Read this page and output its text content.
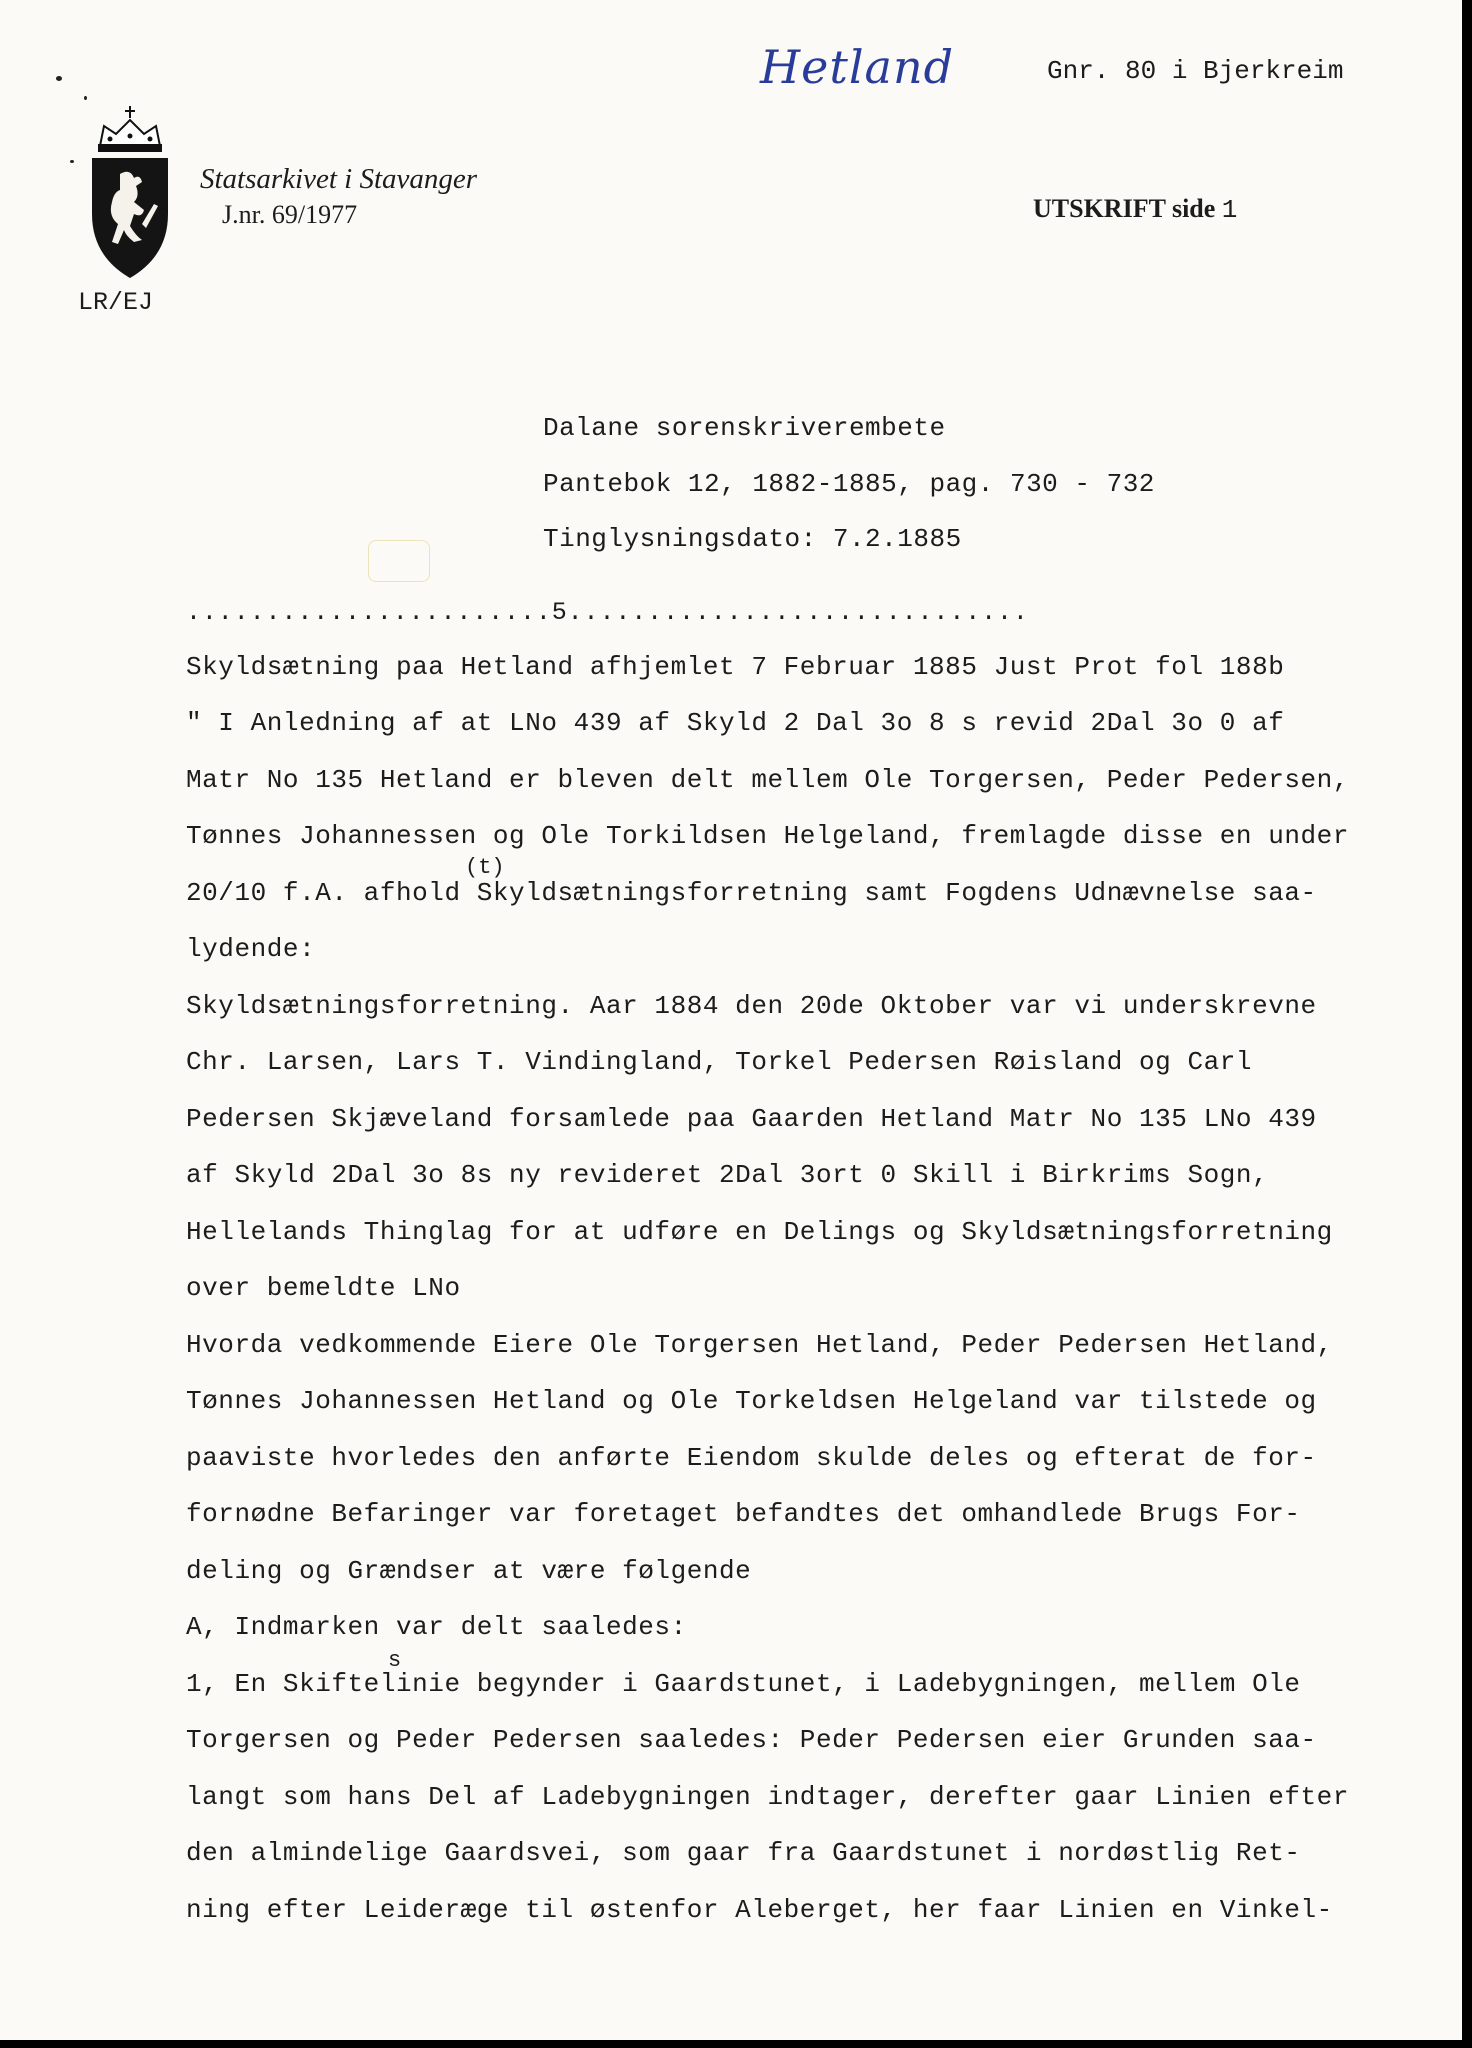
Hetland	Gnr. 80 i Bjerkreim
Statsarkivet i Stavanger
J.nr. 69/1977	UTSKRIFT side 1
LR/EJ
Dalane sorenskriverembete
Pantebok 12, 1882-1885, pag. 730 - 732
Tinglysningsdato: 7.2.1885
.......................5.............................
Skyldsætning paa Hetland afhjemlet 7 Februar 1885 Just Prot fol 188b
" I Anledning af at LNo 439 af Skyld 2 Dal 3o 8 s revid 2Dal 3o 0 af
Matr No 135 Hetland er bleven delt mellem Ole Torgersen, Peder Pedersen,
Tønnes Johannessen og Ole Torkildsen Helgeland, fremlagde disse en under
20/10 f.A. afhold Skyldsætningsforretning samt Fogdens Udnævnelse saa-
lydende:
Skyldsætningsforretning. Aar 1884 den 20de Oktober var vi underskrevne
Chr. Larsen, Lars T. Vindingland, Torkel Pedersen Røisland og Carl
Pedersen Skjæveland forsamlede paa Gaarden Hetland Matr No 135 LNo 439
af Skyld 2Dal 3o 8s ny revideret 2Dal 3ort 0 Skill i Birkrims Sogn,
Hellelands Thinglag for at udføre en Delings og Skyldsætningsforretning
over bemeldte LNo
Hvorda vedkommende Eiere Ole Torgersen Hetland, Peder Pedersen Hetland,
Tønnes Johannessen Hetland og Ole Torkeldsen Helgeland var tilstede og
paaviste hvorledes den anførte Eiendom skulde deles og efterat de for-
fornødne Befaringer var foretaget befandtes det omhandlede Brugs For-
deling og Grændser at være følgende
A, Indmarken var delt saaledes:
1, En Skiftelinie begynder i Gaardstunet, i Ladebygningen, mellem Ole
Torgersen og Peder Pedersen saaledes: Peder Pedersen eier Grunden saa-
langt som hans Del af Ladebygningen indtager, derefter gaar Linien efter
den almindelige Gaardsvei, som gaar fra Gaardstunet i nordøstlig Ret-
ning efter Leideræge til østenfor Aleberget, her faar Linien en Vinkel-
(t)
s
